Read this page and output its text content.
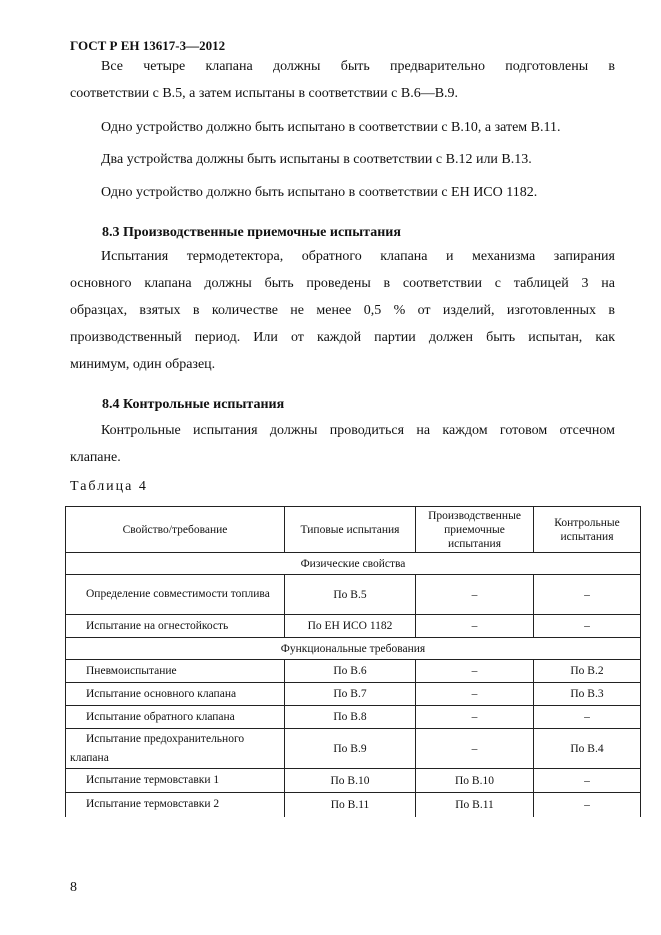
ГОСТ Р ЕН 13617-3—2012

Все четыре клапана должны быть предварительно подготовлены в

соответствии с В.5, а затем испытаны в соответствии с В.6—В.9.

Одно устройство должно быть испытано в соответствии с В.10, а затем В.11.

Два устройства должны быть испытаны в соответствии с В.12 или В.13.

Одно устройство должно быть испытано в соответствии с ЕН ИСО 1182.

8.3 Производственные приемочные испытания

Испытания термодетектора, обратного клапана и механизма запирания

основного клапана должны быть проведены в соответствии с таблицей 3 на

образцах, взятых в количестве не менее 0,5 % от изделий, изготовленных в

производственный период. Или от каждой партии должен быть испытан, как

минимум, один образец.

8.4 Контрольные испытания

Контрольные испытания должны проводиться на каждом готовом отсечном

клапане.

Таблица 4
Свойство/требование	Типовые испытания	Производственные приемочные испытания	Контрольные испытания
Физические свойства			
Определение совместимости топлива	По В.5	–	–
Испытание на огнестойкость	По ЕН ИСО 1182	–	–
Функциональные требования			
Пневмоиспытание	По В.6	–	По В.2
Испытание основного клапана	По В.7	–	По В.3
Испытание обратного клапана	По В.8	–	–
Испытание предохранительного клапана	По В.9	–	По В.4
Испытание термовставки 1	По В.10	По В.10	–
Испытание термовставки 2	По В.11	По В.11	–
8
